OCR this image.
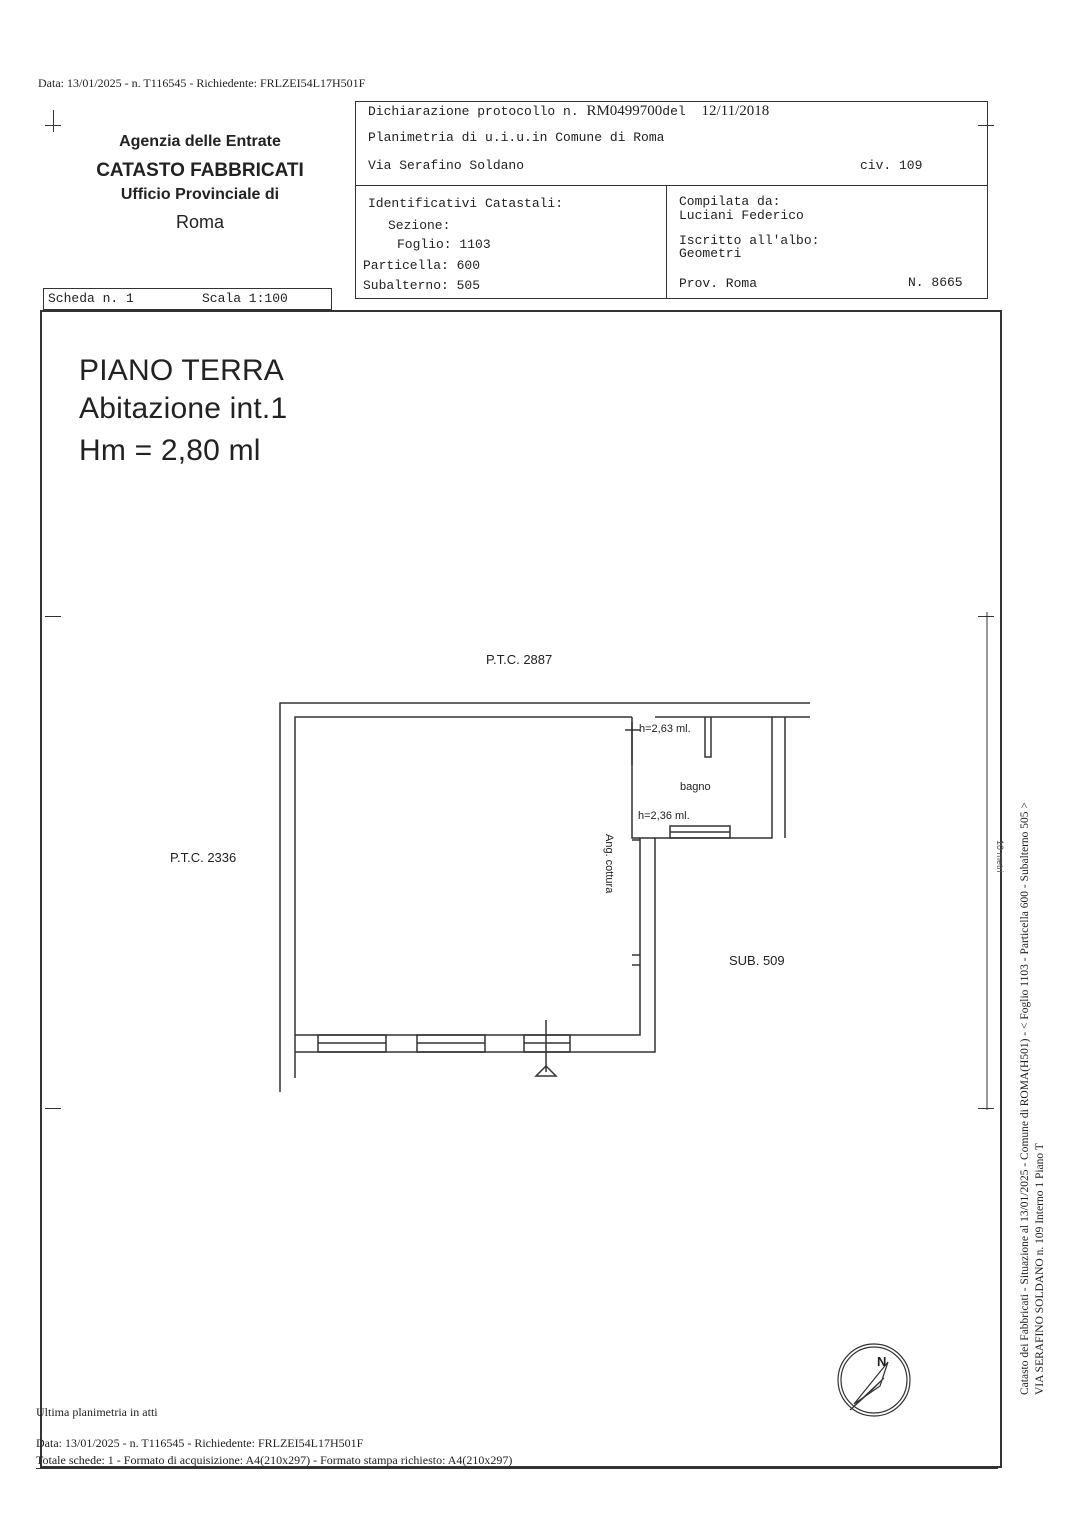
Data: 13/01/2025 - n. T116545 - Richiedente: FRLZEI54L17H501F
Agenzia delle Entrate
CATASTO FABBRICATI
Ufficio Provinciale di
Roma
Dichiarazione protocollo n. RM0499700del 12/11/2018
Planimetria di u.i.u.in Comune di Roma
Via Serafino Soldano	civ. 109
Identificativi Catastali:
Sezione:
Foglio: 1103
Particella: 600
Subalterno: 505
Compilata da:
Luciani Federico
Iscritto all'albo:
Geometri
Prov. Roma	N. 8665
Scheda n. 1	Scala 1:100
PIANO TERRA
Abitazione int.1
Hm = 2,80 ml
P.T.C. 2887
P.T.C. 2336
SUB. 509
bagno
h=2,63 ml.
h=2,36 ml.
Ang. cottura	10 metri
N	Catasto dei Fabbricati - Situazione al 13/01/2025 - Comune di ROMA(H501) - < Foglio 1103 - Particella 600 - Subalterno 505 > VIA SERAFINO SOLDANO n. 109 Interno 1 Piano T
Ultima planimetria in atti
Data: 13/01/2025 - n. T116545 - Richiedente: FRLZEI54L17H501F
Totale schede: 1 - Formato di acquisizione: A4(210x297) - Formato stampa richiesto: A4(210x297)
